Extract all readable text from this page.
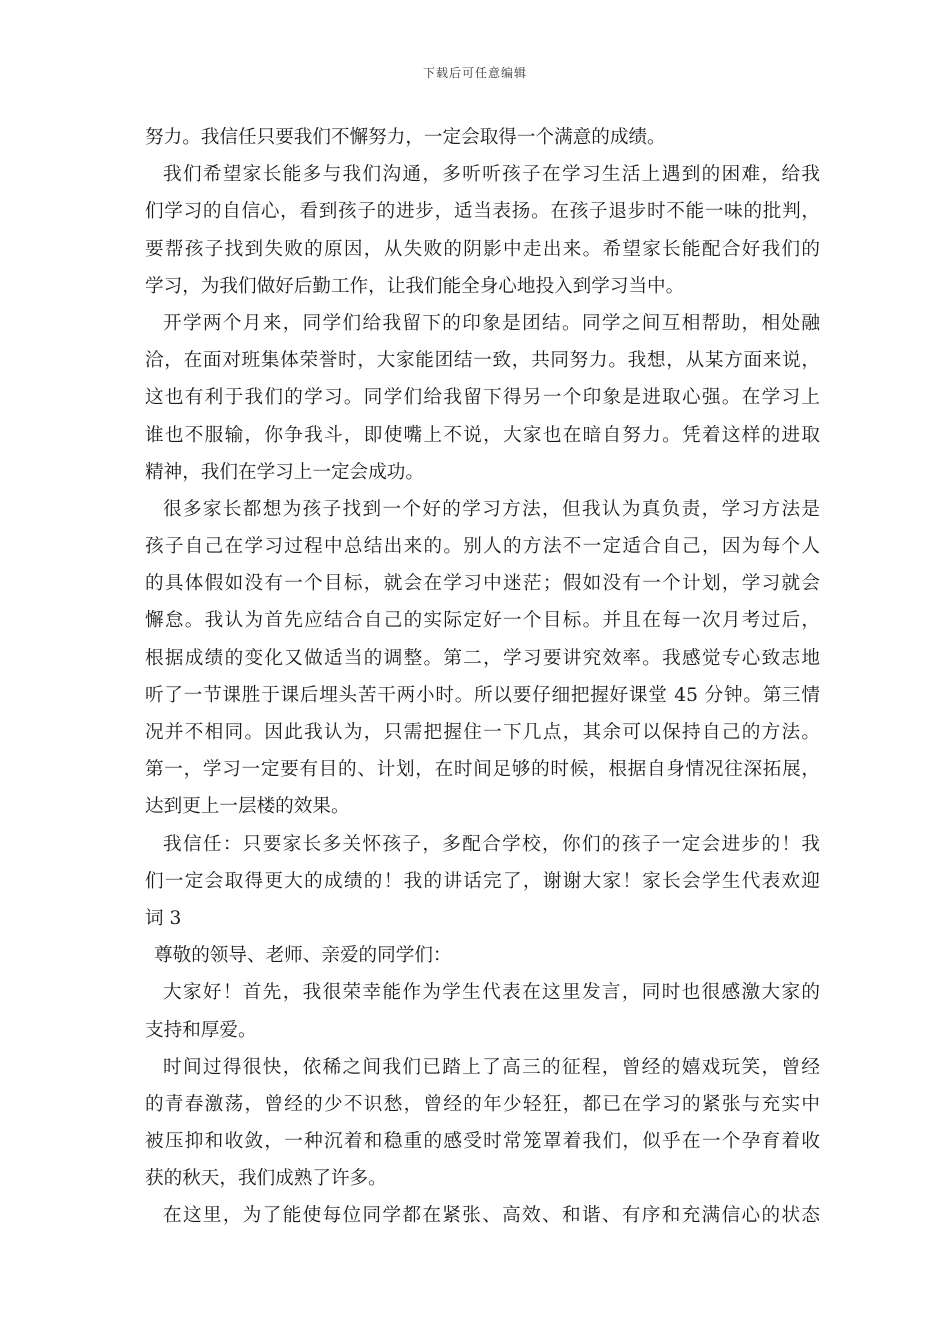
下载后可任意编辑
努力。我信任只要我们不懈努力，一定会取得一个满意的成绩。
我们希望家长能多与我们沟通，多听听孩子在学习生活上遇到的困难，给我
们学习的自信心，看到孩子的进步，适当表扬。在孩子退步时不能一味的批判，
要帮孩子找到失败的原因，从失败的阴影中走出来。希望家长能配合好我们的
学习，为我们做好后勤工作，让我们能全身心地投入到学习当中。
开学两个月来，同学们给我留下的印象是团结。同学之间互相帮助，相处融
洽，在面对班集体荣誉时，大家能团结一致，共同努力。我想，从某方面来说，
这也有利于我们的学习。同学们给我留下得另一个印象是进取心强。在学习上
谁也不服输，你争我斗，即使嘴上不说，大家也在暗自努力。凭着这样的进取
精神，我们在学习上一定会成功。
很多家长都想为孩子找到一个好的学习方法，但我认为真负责，学习方法是
孩子自己在学习过程中总结出来的。别人的方法不一定适合自己，因为每个人
的具体假如没有一个目标，就会在学习中迷茫；假如没有一个计划，学习就会
懈怠。我认为首先应结合自己的实际定好一个目标。并且在每一次月考过后，
根据成绩的变化又做适当的调整。第二，学习要讲究效率。我感觉专心致志地
听了一节课胜于课后埋头苦干两小时。所以要仔细把握好课堂 45 分钟。第三情
况并不相同。因此我认为，只需把握住一下几点，其余可以保持自己的方法。
第一，学习一定要有目的、计划，在时间足够的时候，根据自身情况往深拓展，
达到更上一层楼的效果。
我信任：只要家长多关怀孩子，多配合学校，你们的孩子一定会进步的！我
们一定会取得更大的成绩的！我的讲话完了，谢谢大家！家长会学生代表欢迎
词 3
尊敬的领导、老师、亲爱的同学们：
大家好！首先，我很荣幸能作为学生代表在这里发言，同时也很感激大家的
支持和厚爱。
时间过得很快，依稀之间我们已踏上了高三的征程，曾经的嬉戏玩笑，曾经
的青春激荡，曾经的少不识愁，曾经的年少轻狂，都已在学习的紧张与充实中
被压抑和收敛，一种沉着和稳重的感受时常笼罩着我们，似乎在一个孕育着收
获的秋天，我们成熟了许多。
在这里，为了能使每位同学都在紧张、高效、和谐、有序和充满信心的状态
